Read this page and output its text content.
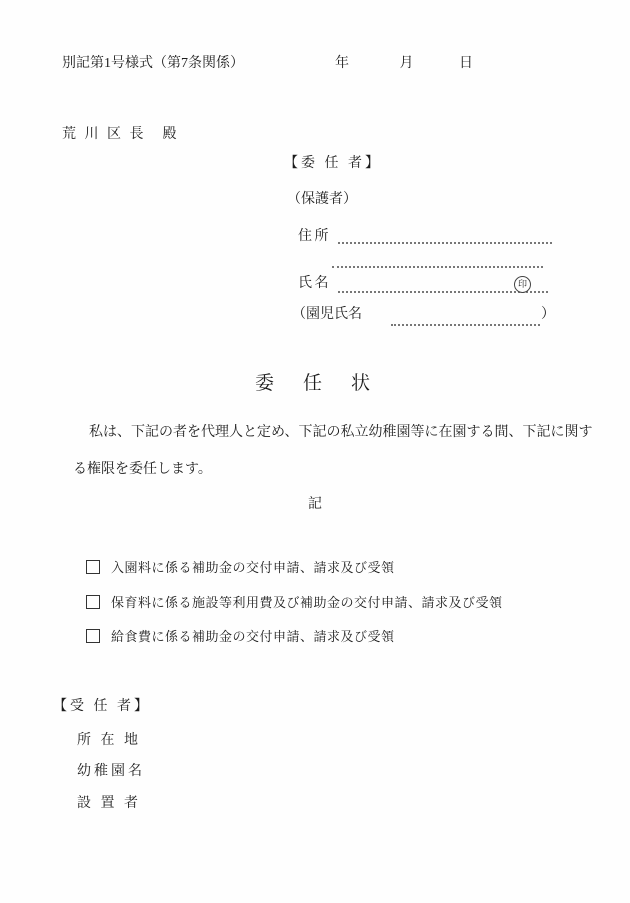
別記第1号様式（第7条関係）	年	月	日
荒 川 区 長　殿
【委 任 者】
（保護者）
住所
氏名	印
（園児氏名	）
委　任　状
私は、下記の者を代理人と定め、下記の私立幼稚園等に在園する間、下記に関す
る権限を委任します。
記
入園料に係る補助金の交付申請、請求及び受領
保育料に係る施設等利用費及び補助金の交付申請、請求及び受領
給食費に係る補助金の交付申請、請求及び受領
【受 任 者】
所 在 地
幼稚園名
設 置 者
